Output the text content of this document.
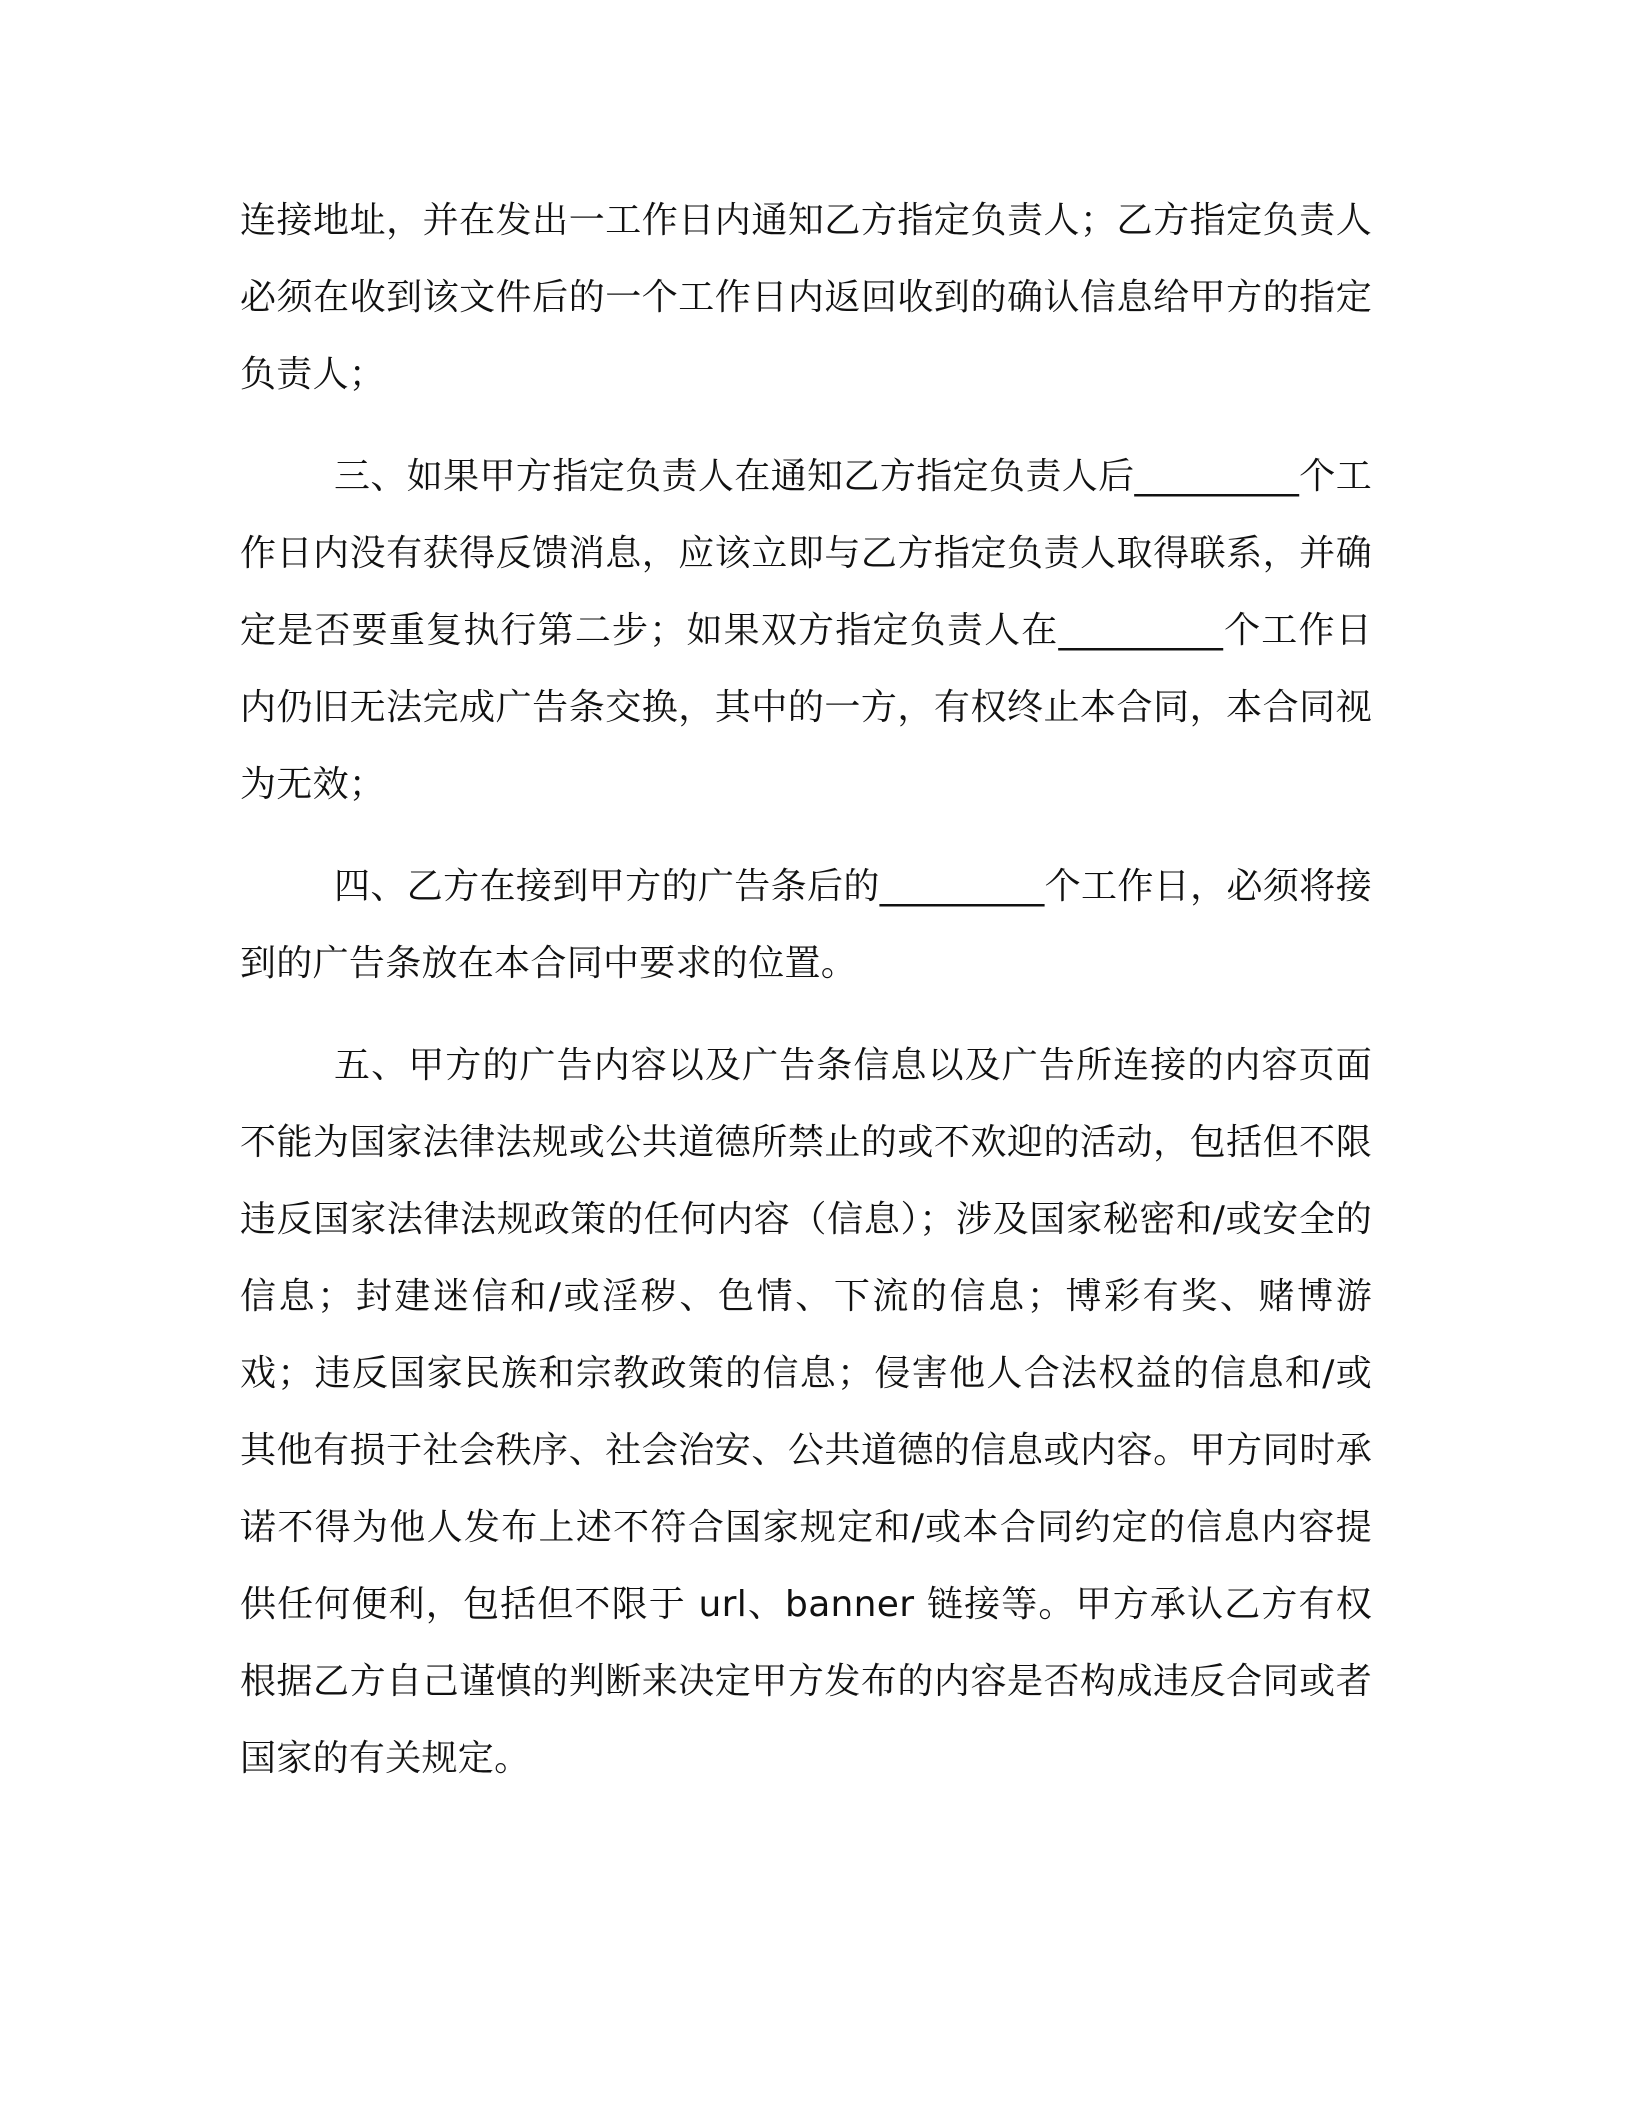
连接地址，并在发出一工作日内通知乙方指定负责人；乙方指定负责人必须在收到该文件后的一个工作日内返回收到的确认信息给甲方的指定负责人；

三、如果甲方指定负责人在通知乙方指定负责人后_________个工作日内没有获得反馈消息，应该立即与乙方指定负责人取得联系，并确定是否要重复执行第二步；如果双方指定负责人在_________个工作日内仍旧无法完成广告条交换，其中的一方，有权终止本合同，本合同视为无效；

四、乙方在接到甲方的广告条后的_________个工作日，必须将接到的广告条放在本合同中要求的位置。

五、甲方的广告内容以及广告条信息以及广告所连接的内容页面不能为国家法律法规或公共道德所禁止的或不欢迎的活动，包括但不限违反国家法律法规政策的任何内容（信息）；涉及国家秘密和/或安全的信息；封建迷信和/或淫秽、色情、下流的信息；博彩有奖、赌博游戏；违反国家民族和宗教政策的信息；侵害他人合法权益的信息和/或其他有损于社会秩序、社会治安、公共道德的信息或内容。甲方同时承诺不得为他人发布上述不符合国家规定和/或本合同约定的信息内容提供任何便利，包括但不限于 url、banner 链接等。甲方承认乙方有权根据乙方自己谨慎的判断来决定甲方发布的内容是否构成违反合同或者国家的有关规定。
